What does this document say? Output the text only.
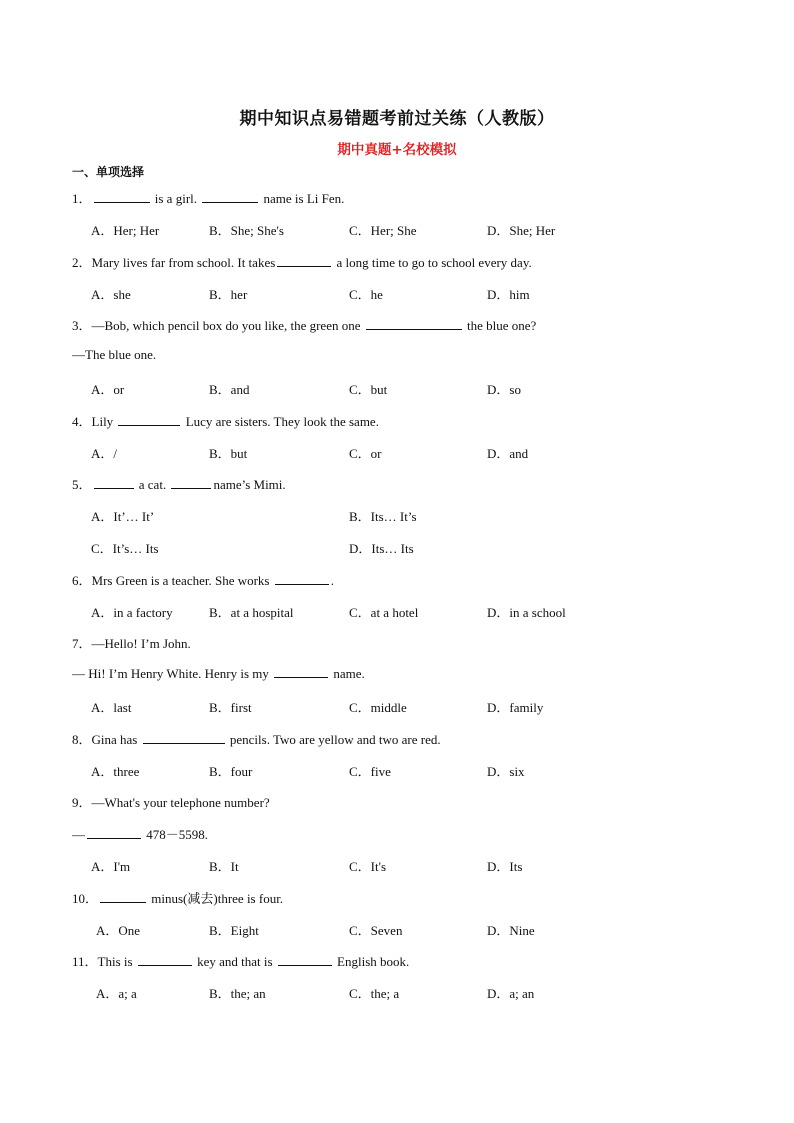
期中知识点易错题考前过关练（人教版）
期中真题+名校模拟
一、单项选择
1．	is a girl.	name is Li Fen.
A．Her; Her	B．She; She's	C．Her; She	D．She; Her
2．Mary lives far from school. It takes	a long time to go to school every day.
A．she	B．her	C．he	D．him
3．—Bob, which pencil box do you like, the green one	the blue one?
—The blue one.
A．or	B．and	C．but	D．so
4．Lily	Lucy are sisters. They look the same.
A．/	B．but	C．or	D．and
5．	a cat.	name’s Mimi.
A．It’… It’	B．Its… It’s
C．It’s… Its	D．Its… Its
6．Mrs Green is a teacher. She works	.
A．in a factory	B．at a hospital	C．at a hotel	D．in a school
7．—Hello! I’m John.
— Hi! I’m Henry White. Henry is my	name.
A．last	B．first	C．middle	D．family
8．Gina has	pencils. Two are yellow and two are red.
A．three	B．four	C．five	D．six
9．—What's your telephone number?
—	478－5598.
A．I'm	B．It	C．It's	D．Its
10．	minus(减去)three is four.
A．One	B．Eight	C．Seven	D．Nine
11．This is	key and that is	English book.
A．a; a	B．the; an	C．the; a	D．a; an
